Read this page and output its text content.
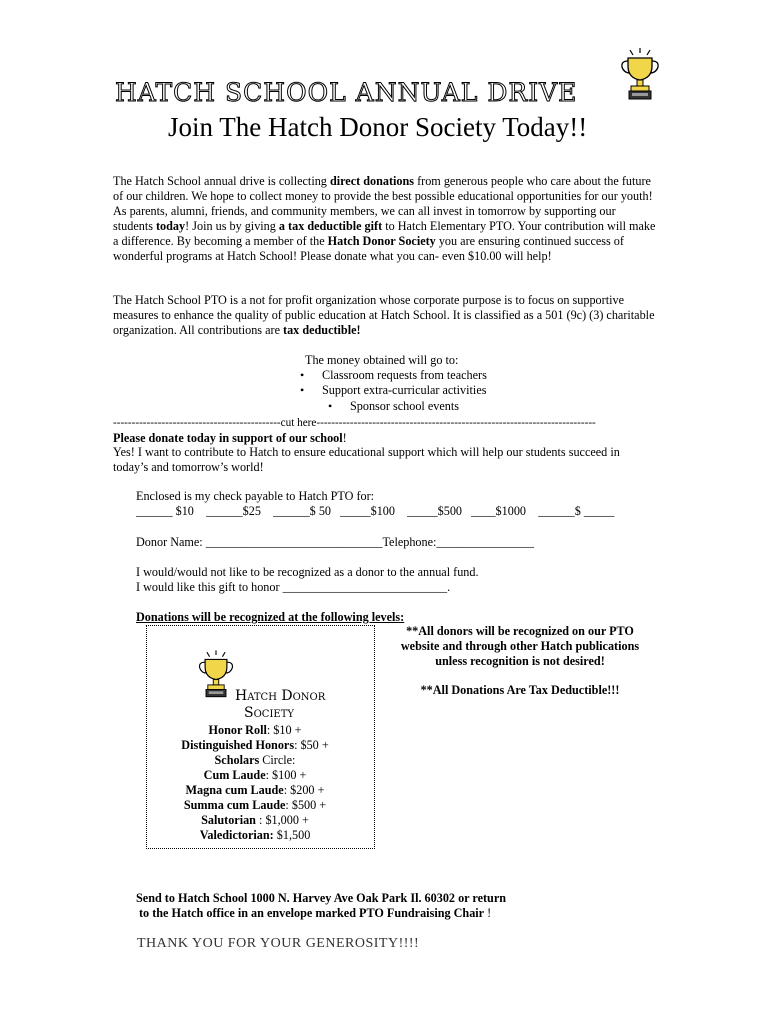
HATCH SCHOOL ANNUAL DRIVE
Join The Hatch Donor Society Today!!
The Hatch School annual drive is collecting direct donations from generous people who care about the future of our children. We hope to collect money to provide the best possible educational opportunities for our youth! As parents, alumni, friends, and community members, we can all invest in tomorrow by supporting our students today! Join us by giving a tax deductible gift to Hatch Elementary PTO. Your contribution will make a difference. By becoming a member of the Hatch Donor Society you are ensuring continued success of wonderful programs at Hatch School! Please donate what you can- even $10.00 will help!
The Hatch School PTO is a not for profit organization whose corporate purpose is to focus on supportive measures to enhance the quality of public education at Hatch School. It is classified as a 501 (9c) (3) charitable organization. All contributions are tax deductible!
The money obtained will go to:
• Classroom requests from teachers
• Support extra-curricular activities
• Sponsor school events
---------------------------------------------cut here---------------------------------------------------------------------------
Please donate today in support of our school!
Yes! I want to contribute to Hatch to ensure educational support which will help our students succeed in today’s and tomorrow’s world!
Enclosed is my check payable to Hatch PTO for:
______ $10    ______$25    ______$ 50   _____$100    _____$500   ____$1000    ______$ _____
Donor Name: _____________________________Telephone:________________
I would/would not like to be recognized as a donor to the annual fund.
I would like this gift to honor ___________________________.
Donations will be recognized at the following levels:
Hatch Donor
Society
Honor Roll: $10 +
Distinguished Honors: $50 +
Scholars Circle:
Cum Laude: $100 +
Magna cum Laude: $200 +
Summa cum Laude: $500 +
Salutorian : $1,000 +
Valedictorian: $1,500
**All donors will be recognized on our PTO website and through other Hatch publications unless recognition is not desired!
**All Donations Are Tax Deductible!!!
Send to Hatch School 1000 N. Harvey Ave Oak Park Il. 60302 or return
to the Hatch office in an envelope marked PTO Fundraising Chair !
THANK YOU FOR YOUR GENEROSITY!!!!
